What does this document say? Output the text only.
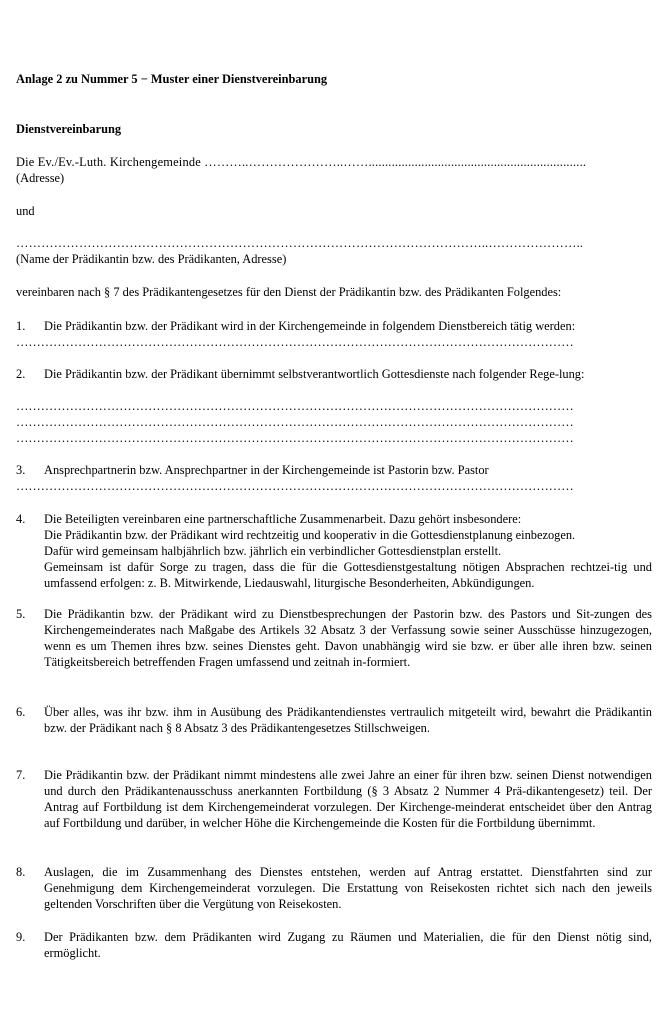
Anlage 2 zu Nummer 5 − Muster einer Dienstvereinbarung
Dienstvereinbarung
Die Ev./Ev.-Luth. Kirchengemeinde ………..…………………..……..................................................................
(Adresse)
und
…………………………………………………………………………………………………..…………………..
(Name der Prädikantin bzw. des Prädikanten, Adresse)
vereinbaren nach § 7 des Prädikantengesetzes für den Dienst der Prädikantin bzw. des Prädikanten Folgendes:
1. Die Prädikantin bzw. der Prädikant wird in der Kirchengemeinde in folgendem Dienstbereich tätig werden:
………………………………………………………………………………………………………………………
2. Die Prädikantin bzw. der Prädikant übernimmt selbstverantwortlich Gottesdienste nach folgender Rege-lung:
………………………………………………………………………………………………………………………
………………………………………………………………………………………………………………………
………………………………………………………………………………………………………………………
3. Ansprechpartnerin bzw. Ansprechpartner in der Kirchengemeinde ist Pastorin bzw. Pastor
………………………………………………………………………………………………………………………
4. Die Beteiligten vereinbaren eine partnerschaftliche Zusammenarbeit. Dazu gehört insbesondere:

Die Prädikantin bzw. der Prädikant wird rechtzeitig und kooperativ in die Gottesdienstplanung einbezogen.

Dafür wird gemeinsam halbjährlich bzw. jährlich ein verbindlicher Gottesdienstplan erstellt.

Gemeinsam ist dafür Sorge zu tragen, dass die für die Gottesdienstgestaltung nötigen Absprachen rechtzei-tig und umfassend erfolgen: z. B. Mitwirkende, Liedauswahl, liturgische Besonderheiten, Abkündigungen.

5. Die Prädikantin bzw. der Prädikant wird zu Dienstbesprechungen der Pastorin bzw. des Pastors und Sit-zungen des Kirchengemeinderates nach Maßgabe des Artikels 32 Absatz 3 der Verfassung sowie seiner Ausschüsse hinzugezogen, wenn es um Themen ihres bzw. seines Dienstes geht. Davon unabhängig wird sie bzw. er über alle ihren bzw. seinen Tätigkeitsbereich betreffenden Fragen umfassend und zeitnah in-formiert.
6. Über alles, was ihr bzw. ihm in Ausübung des Prädikantendienstes vertraulich mitgeteilt wird, bewahrt die Prädikantin bzw. der Prädikant nach § 8 Absatz 3 des Prädikantengesetzes Stillschweigen.
7. Die Prädikantin bzw. der Prädikant nimmt mindestens alle zwei Jahre an einer für ihren bzw. seinen Dienst notwendigen und durch den Prädikantenausschuss anerkannten Fortbildung (§ 3 Absatz 2 Nummer 4 Prä-dikantengesetz) teil. Der Antrag auf Fortbildung ist dem Kirchengemeinderat vorzulegen. Der Kirchenge-meinderat entscheidet über den Antrag auf Fortbildung und darüber, in welcher Höhe die Kirchengemeinde die Kosten für die Fortbildung übernimmt.
8. Auslagen, die im Zusammenhang des Dienstes entstehen, werden auf Antrag erstattet. Dienstfahrten sind zur Genehmigung dem Kirchengemeinderat vorzulegen. Die Erstattung von Reisekosten richtet sich nach den jeweils geltenden Vorschriften über die Vergütung von Reisekosten.
9. Der Prädikanten bzw. dem Prädikanten wird Zugang zu Räumen und Materialien, die für den Dienst nötig sind, ermöglicht.
